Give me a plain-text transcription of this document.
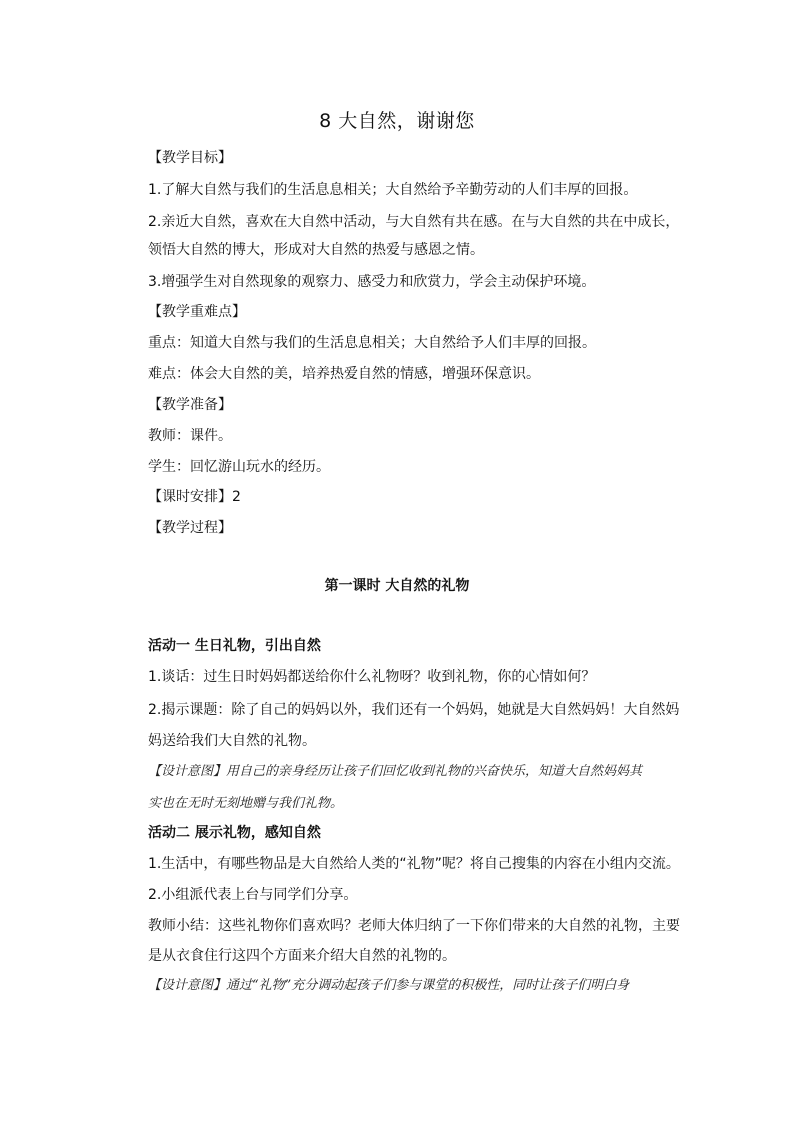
8 大自然，谢谢您
【教学目标】
1.了解大自然与我们的生活息息相关；大自然给予辛勤劳动的人们丰厚的回报。
2.亲近大自然，喜欢在大自然中活动，与大自然有共在感。在与大自然的共在中成长，
领悟大自然的博大，形成对大自然的热爱与感恩之情。
3.增强学生对自然现象的观察力、感受力和欣赏力，学会主动保护环境。
【教学重难点】
重点：知道大自然与我们的生活息息相关；大自然给予人们丰厚的回报。
难点：体会大自然的美，培养热爱自然的情感，增强环保意识。
【教学准备】
教师：课件。
学生：回忆游山玩水的经历。
【课时安排】2
【教学过程】
第一课时 大自然的礼物
活动一 生日礼物，引出自然
1.谈话：过生日时妈妈都送给你什么礼物呀？收到礼物，你的心情如何？
2.揭示课题：除了自己的妈妈以外，我们还有一个妈妈，她就是大自然妈妈！大自然妈
妈送给我们大自然的礼物。
【设计意图】用自己的亲身经历让孩子们回忆收到礼物的兴奋快乐，知道大自然妈妈其
实也在无时无刻地赠与我们礼物。
活动二 展示礼物，感知自然
1.生活中，有哪些物品是大自然给人类的“礼物”呢？将自己搜集的内容在小组内交流。
2.小组派代表上台与同学们分享。
教师小结：这些礼物你们喜欢吗？老师大体归纳了一下你们带来的大自然的礼物，主要
是从衣食住行这四个方面来介绍大自然的礼物的。
【设计意图】通过“礼物”充分调动起孩子们参与课堂的积极性，同时让孩子们明白身
